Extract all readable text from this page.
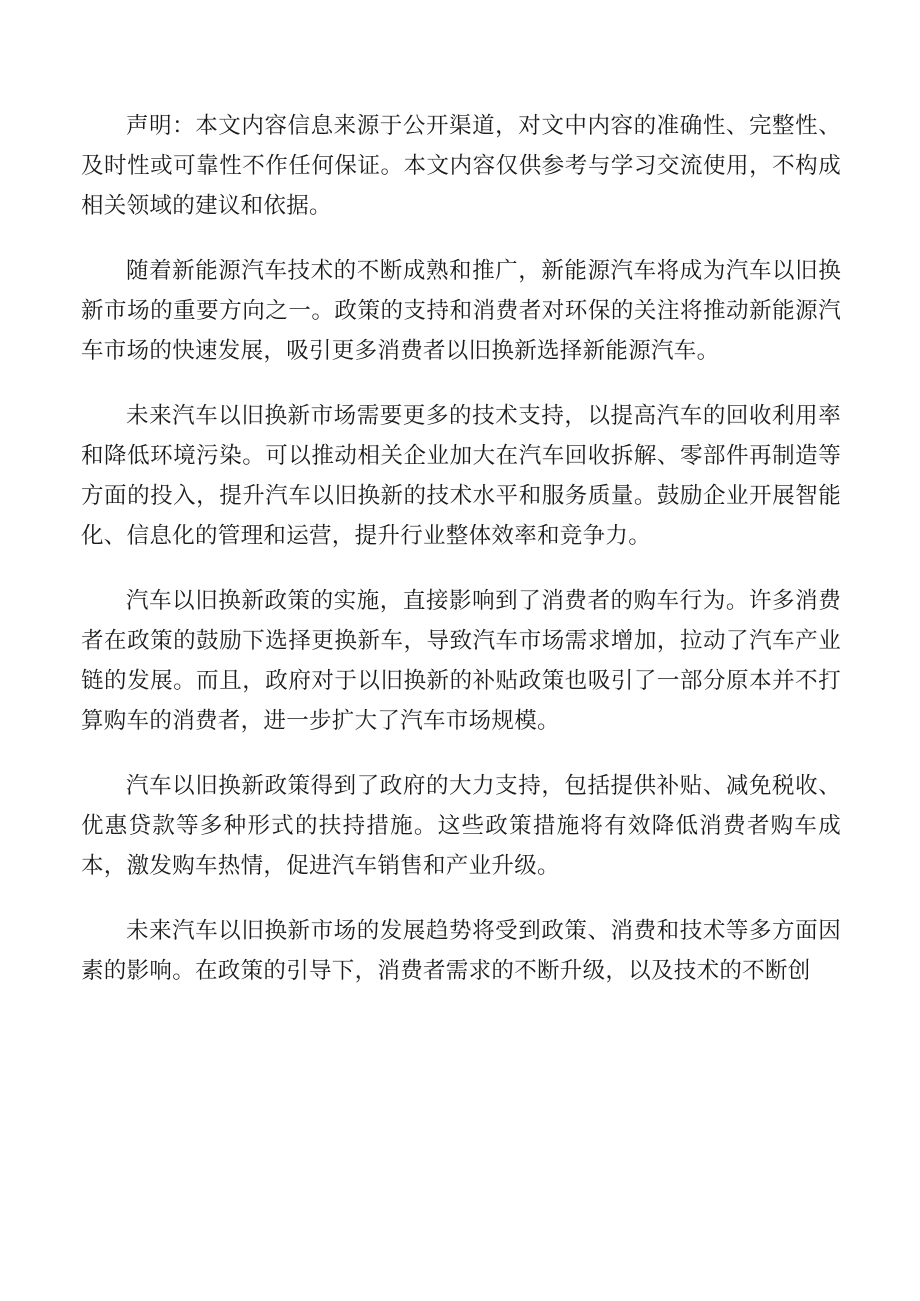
声明：本文内容信息来源于公开渠道，对文中内容的准确性、完整性、及时性或可靠性不作任何保证。本文内容仅供参考与学习交流使用，不构成相关领域的建议和依据。

随着新能源汽车技术的不断成熟和推广，新能源汽车将成为汽车以旧换新市场的重要方向之一。政策的支持和消费者对环保的关注将推动新能源汽车市场的快速发展，吸引更多消费者以旧换新选择新能源汽车。

未来汽车以旧换新市场需要更多的技术支持，以提高汽车的回收利用率和降低环境污染。可以推动相关企业加大在汽车回收拆解、零部件再制造等方面的投入，提升汽车以旧换新的技术水平和服务质量。鼓励企业开展智能化、信息化的管理和运营，提升行业整体效率和竞争力。

汽车以旧换新政策的实施，直接影响到了消费者的购车行为。许多消费者在政策的鼓励下选择更换新车，导致汽车市场需求增加，拉动了汽车产业链的发展。而且，政府对于以旧换新的补贴政策也吸引了一部分原本并不打算购车的消费者，进一步扩大了汽车市场规模。

汽车以旧换新政策得到了政府的大力支持，包括提供补贴、减免税收、优惠贷款等多种形式的扶持措施。这些政策措施将有效降低消费者购车成本，激发购车热情，促进汽车销售和产业升级。

未来汽车以旧换新市场的发展趋势将受到政策、消费和技术等多方面因素的影响。在政策的引导下，消费者需求的不断升级，以及技术的不断创
